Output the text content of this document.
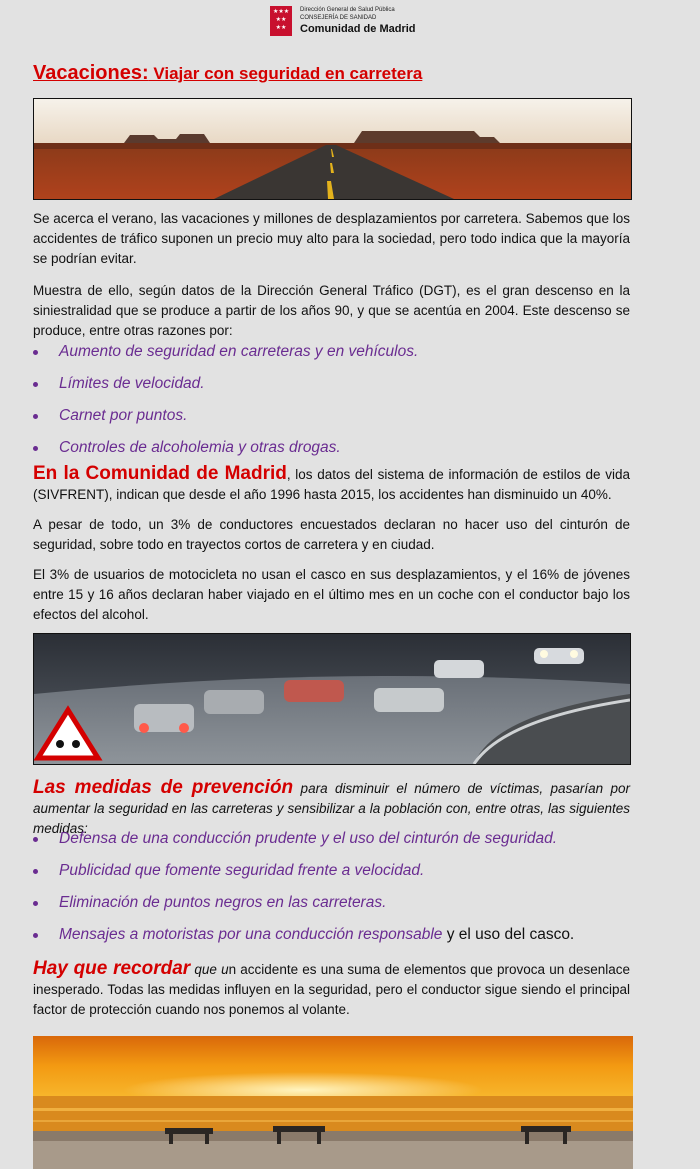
★★★
★★
★★
Dirección General de Salud Pública
CONSEJERÍA DE SANIDAD
Comunidad de Madrid
Vacaciones: Viajar con seguridad en carretera

Se acerca el verano, las vacaciones y millones de desplazamientos por carretera. Sabemos que los accidentes de tráfico suponen un precio muy alto para la sociedad, pero todo indica que la mayoría se podrían evitar.

Muestra de ello, según datos de la Dirección General Tráfico (DGT), es el gran descenso en la siniestralidad que se produce a partir de los años 90, y que se acentúa en 2004. Este descenso se produce, entre otras razones por:

Aumento de seguridad en carreteras y en vehículos.
Límites de velocidad.
Carnet por puntos.
Controles de alcoholemia y otras drogas.

En la Comunidad de Madrid, los datos del sistema de información de estilos de vida (SIVFRENT), indican que desde el año 1996 hasta 2015, los accidentes han disminuido un 40%.

A pesar de todo, un 3% de conductores encuestados declaran no hacer uso del cinturón de seguridad, sobre todo en trayectos cortos de carretera y en ciudad.

El 3% de usuarios de motocicleta no usan el casco en sus desplazamientos, y el 16% de jóvenes entre 15 y 16 años declaran haber viajado en el último mes en un coche con el conductor bajo los efectos del alcohol.

Las medidas de prevención para disminuir el número de víctimas, pasarían por aumentar la seguridad en las carreteras y sensibilizar a la población con, entre otras, las siguientes medidas:

Defensa de una conducción prudente y el uso del cinturón de seguridad.
Publicidad que fomente seguridad frente a velocidad.
Eliminación de puntos negros en las carreteras.
Mensajes a motoristas por una conducción responsable y el uso del casco.

Hay que recordar que un accidente es una suma de elementos que provoca un desenlace inesperado. Todas las medidas influyen en la seguridad, pero el conductor sigue siendo el principal factor de protección cuando nos ponemos al volante.
